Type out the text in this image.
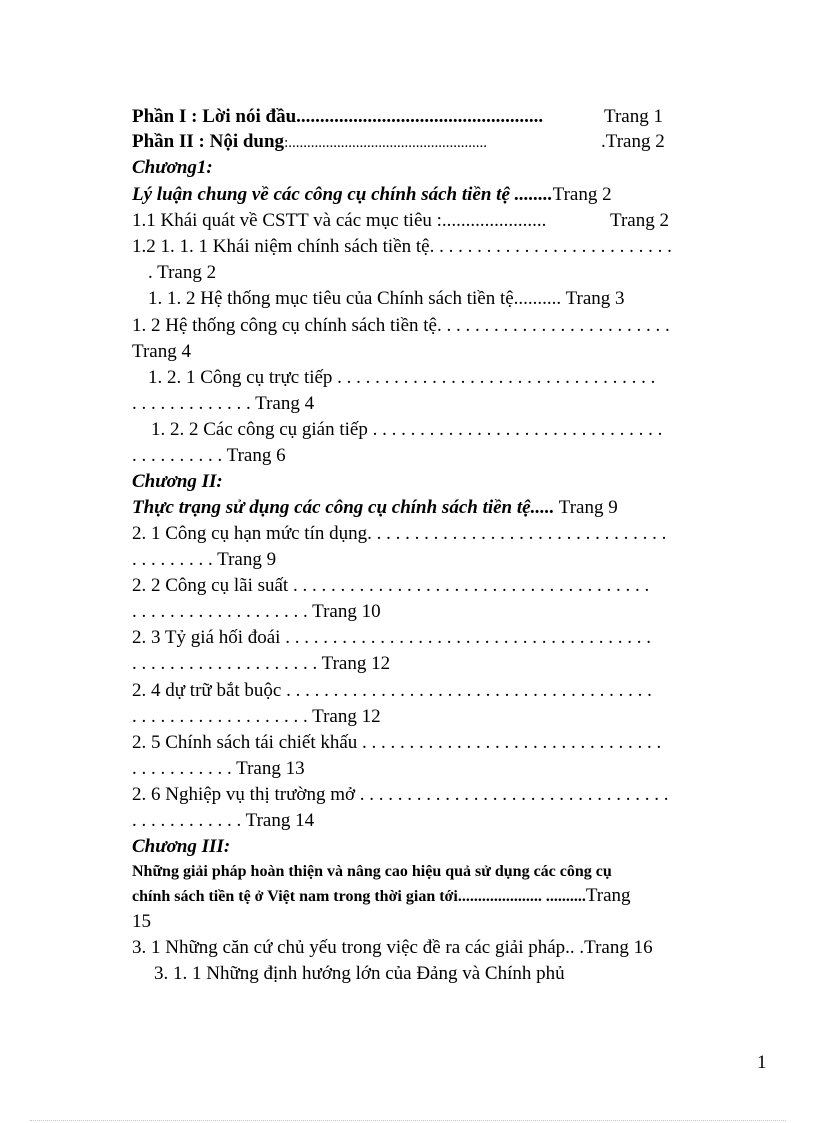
Phần I : Lời nói đầu....................................................	Trang 1
Phần II : Nội dung:.....................................................	.Trang 2
Chương1:
Lý luận chung về các công cụ chính sách tiền tệ ........Trang 2
1.1 Khái quát về CSTT và các mục tiêu :......................	Trang 2
1.2 1. 1. 1 Khái niệm chính sách tiền tệ. . . . . . . . . . . . . . . . . . . . . . . . . .
. Trang 2
1. 1. 2 Hệ thống mục tiêu của Chính sách tiền tệ.......... Trang 3
1. 2 Hệ thống công cụ chính sách tiền tệ. . . . . . . . . . . . . . . . . . . . . . . . .
Trang 4
1. 2. 1 Công cụ trực tiếp . . . . . . . . . . . . . . . . . . . . . . . . . . . . . . . . . .
. . . . . . . . . . . . . Trang 4
1. 2. 2 Các công cụ gián tiếp . . . . . . . . . . . . . . . . . . . . . . . . . . . . . . .
. . . . . . . . . . Trang 6
Chương II:
Thực trạng sử dụng các công cụ chính sách tiền tệ..... Trang 9
2. 1 Công cụ hạn mức tín dụng. . . . . . . . . . . . . . . . . . . . . . . . . . . . . . . .
. . . . . . . . . Trang 9
2. 2 Công cụ lãi suất . . . . . . . . . . . . . . . . . . . . . . . . . . . . . . . . . . . . . .
. . . . . . . . . . . . . . . . . . . Trang 10
2. 3 Tỷ giá hối đoái . . . . . . . . . . . . . . . . . . . . . . . . . . . . . . . . . . . . . . .
. . . . . . . . . . . . . . . . . . . . Trang 12
2. 4 dự trữ bắt buộc . . . . . . . . . . . . . . . . . . . . . . . . . . . . . . . . . . . . . . .
. . . . . . . . . . . . . . . . . . . Trang 12
2. 5 Chính sách tái chiết khấu . . . . . . . . . . . . . . . . . . . . . . . . . . . . . . . .
. . . . . . . . . . . Trang 13
2. 6 Nghiệp vụ thị trường mở . . . . . . . . . . . . . . . . . . . . . . . . . . . . . . . . .
. . . . . . . . . . . . Trang 14
Chương III:
Những giải pháp hoàn thiện và nâng cao hiệu quả sử dụng các công cụ
chính sách tiền tệ ở Việt nam trong thời gian tới..................... ..........Trang
15
3. 1 Những căn cứ chủ yếu trong việc đề ra các giải pháp.. .Trang 16
3. 1. 1 Những định hướng lớn của Đảng và Chính phủ
1
